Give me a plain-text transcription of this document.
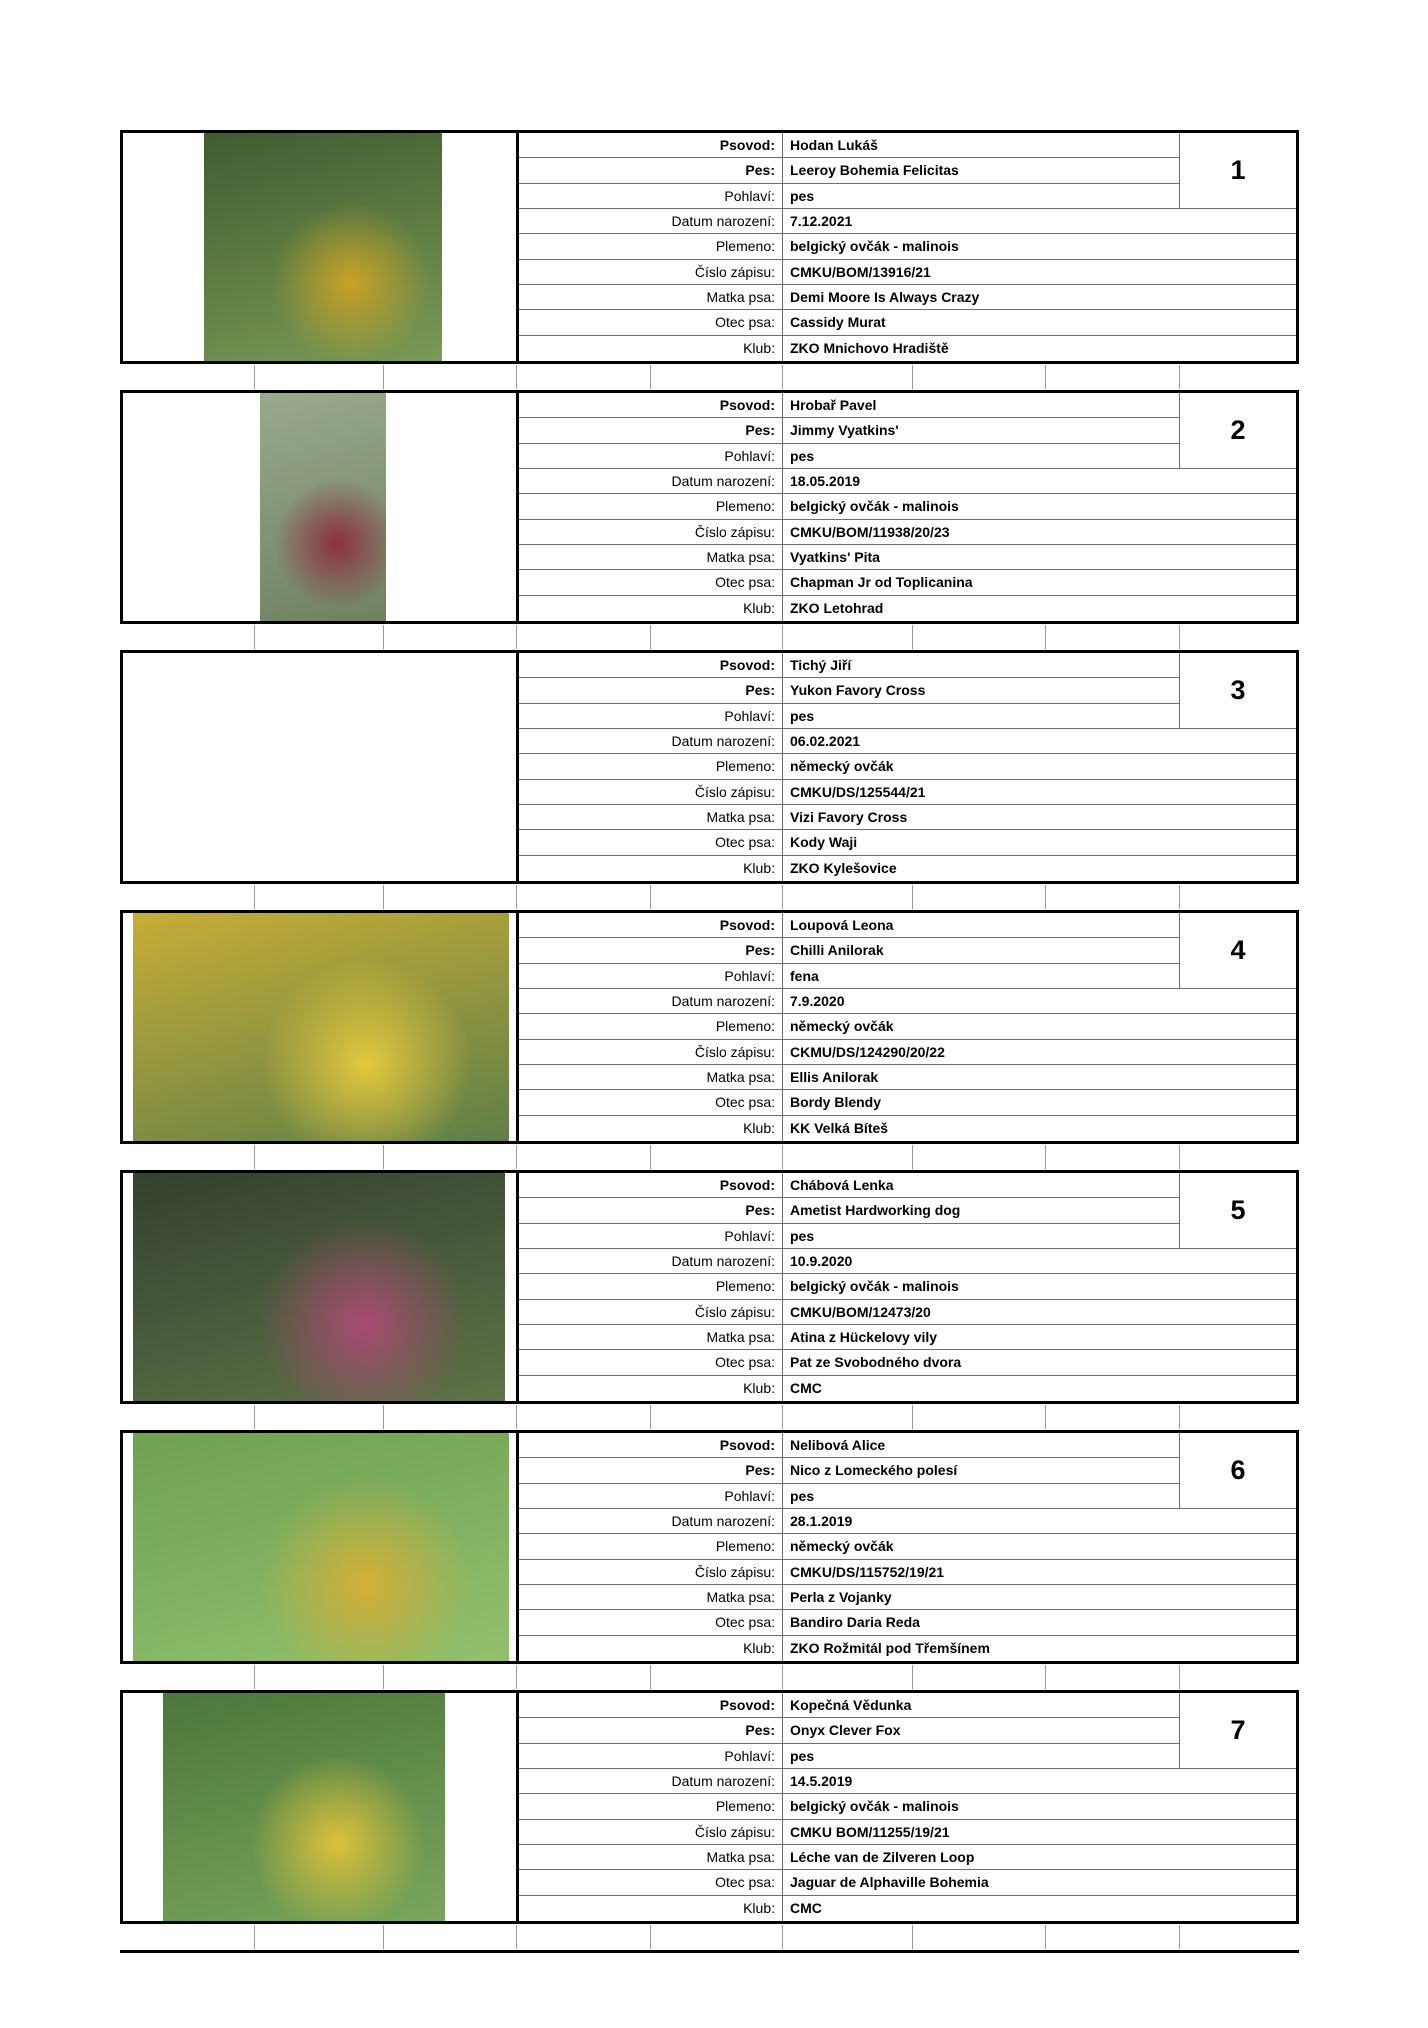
1
Psovod:	Hodan Lukáš
Pes:	Leeroy Bohemia Felicitas
Pohlaví:	pes
Datum narození:	7.12.2021
Plemeno:	belgický ovčák - malinois
Číslo zápisu:	CMKU/BOM/13916/21
Matka psa:	Demi Moore Is Always Crazy
Otec psa:	Cassidy Murat
Klub:	ZKO Mnichovo Hradiště
2
Psovod:	Hrobař Pavel
Pes:	Jimmy Vyatkins'
Pohlaví:	pes
Datum narození:	18.05.2019
Plemeno:	belgický ovčák - malinois
Číslo zápisu:	CMKU/BOM/11938/20/23
Matka psa:	Vyatkins' Pita
Otec psa:	Chapman Jr od Toplicanina
Klub:	ZKO Letohrad
3
Psovod:	Tichý Jiří
Pes:	Yukon Favory Cross
Pohlaví:	pes
Datum narození:	06.02.2021
Plemeno:	německý ovčák
Číslo zápisu:	CMKU/DS/125544/21
Matka psa:	Vizi Favory Cross
Otec psa:	Kody Waji
Klub:	ZKO Kylešovice
4
Psovod:	Loupová Leona
Pes:	Chilli Anilorak
Pohlaví:	fena
Datum narození:	7.9.2020
Plemeno:	německý ovčák
Číslo zápisu:	CKMU/DS/124290/20/22
Matka psa:	Ellis Anilorak
Otec psa:	Bordy Blendy
Klub:	KK Velká Bíteš
5
Psovod:	Chábová Lenka
Pes:	Ametist Hardworking dog
Pohlaví:	pes
Datum narození:	10.9.2020
Plemeno:	belgický ovčák - malinois
Číslo zápisu:	CMKU/BOM/12473/20
Matka psa:	Atina z Hückelovy vily
Otec psa:	Pat ze Svobodného dvora
Klub:	CMC
6
Psovod:	Nelibová Alice
Pes:	Nico z Lomeckého polesí
Pohlaví:	pes
Datum narození:	28.1.2019
Plemeno:	německý ovčák
Číslo zápisu:	CMKU/DS/115752/19/21
Matka psa:	Perla z Vojanky
Otec psa:	Bandiro Daria Reda
Klub:	ZKO Rožmitál pod Třemšínem
7
Psovod:	Kopečná Vědunka
Pes:	Onyx Clever Fox
Pohlaví:	pes
Datum narození:	14.5.2019
Plemeno:	belgický ovčák - malinois
Číslo zápisu:	CMKU BOM/11255/19/21
Matka psa:	Léche van de Zilveren Loop
Otec psa:	Jaguar de Alphaville Bohemia
Klub:	CMC
